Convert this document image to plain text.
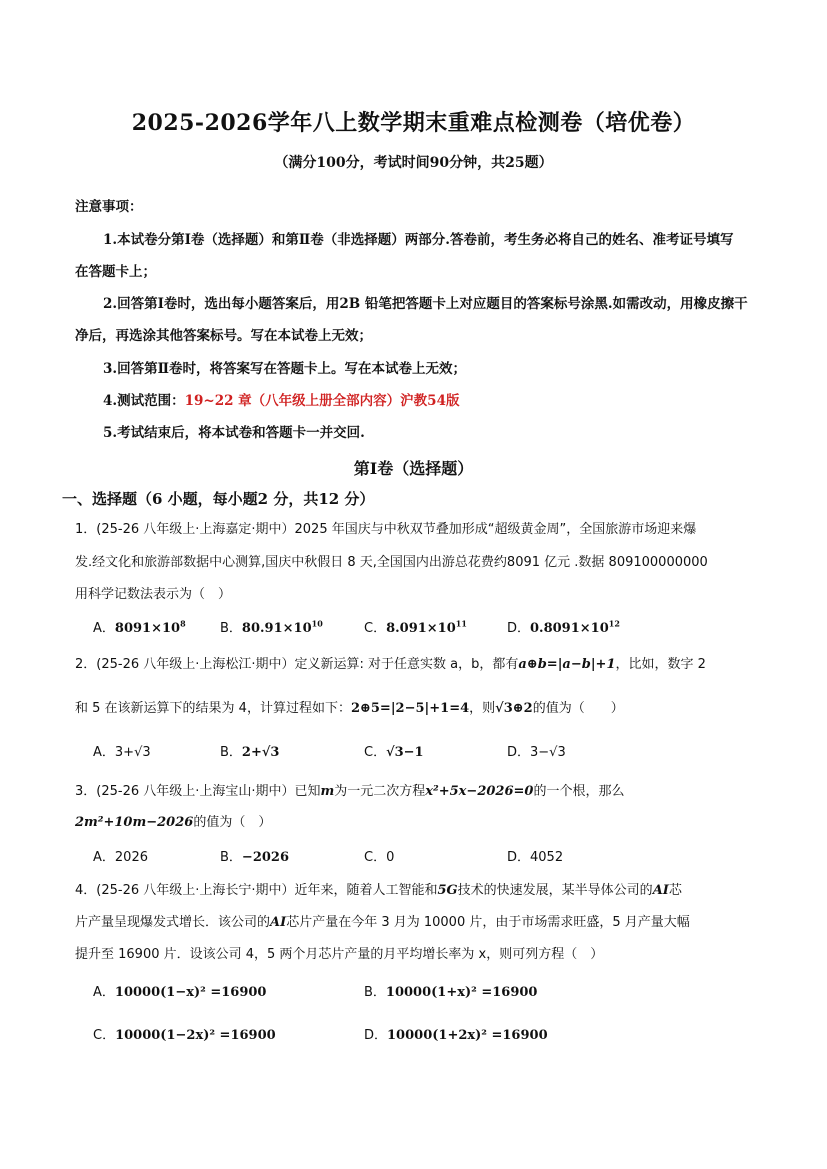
2025-2026学年八上数学期末重难点检测卷（培优卷）
（满分100分，考试时间90分钟，共25题）
注意事项：
1.本试卷分第Ⅰ卷（选择题）和第Ⅱ卷（非选择题）两部分.答卷前，考生务必将自己的姓名、准考证号填写
在答题卡上；
2.回答第Ⅰ卷时，选出每小题答案后，用2B 铅笔把答题卡上对应题目的答案标号涂黑.如需改动，用橡皮擦干
净后，再选涂其他答案标号。写在本试卷上无效；
3.回答第Ⅱ卷时，将答案写在答题卡上。写在本试卷上无效；
4.测试范围：19~22 章（八年级上册全部内容）沪教54版
5.考试结束后，将本试卷和答题卡一并交回.
第Ⅰ卷（选择题）
一、选择题（6 小题，每小题2 分，共12 分）
1．(25-26 八年级上·上海嘉定·期中）2025 年国庆与中秋双节叠加形成“超级黄金周”，全国旅游市场迎来爆
发.经文化和旅游部数据中心测算,国庆中秋假日 8 天,全国国内出游总花费约8091 亿元 .数据 809100000000
用科学记数法表示为（　）
A．$8091\times 10^8$	B．$80.91\times 10^{10}$	C．$8.091\times 10^{11}$	D．$0.8091\times 10^{12}$
2．(25-26 八年级上·上海松江·期中）定义新运算: 对于任意实数 a，b，都有a⊕b=|a−b|+1，比如，数字 2
和 5 在该新运算下的结果为 4，计算过程如下：2⊕5=|2−5|+1=4，则√3⊕2的值为（　　）
A．3+√3	B．2+√3	C．√3−1	D．3−√3
3．(25-26 八年级上·上海宝山·期中）已知m为一元二次方程x²+5x−2026=0的一个根，那么
2m²+10m−2026的值为（　）
A．2026	B．−2026	C．0	D．4052
4．(25-26 八年级上·上海长宁·期中）近年来，随着人工智能和5G技术的快速发展，某半导体公司的AI芯
片产量呈现爆发式增长．该公司的AI芯片产量在今年 3 月为 10000 片，由于市场需求旺盛，5 月产量大幅
提升至 16900 片．设该公司 4，5 两个月芯片产量的月平均增长率为 x，则可列方程（　）
A．10000(1−x)² =16900	B．10000(1+x)² =16900
C．10000(1−2x)² =16900	D．10000(1+2x)² =16900
